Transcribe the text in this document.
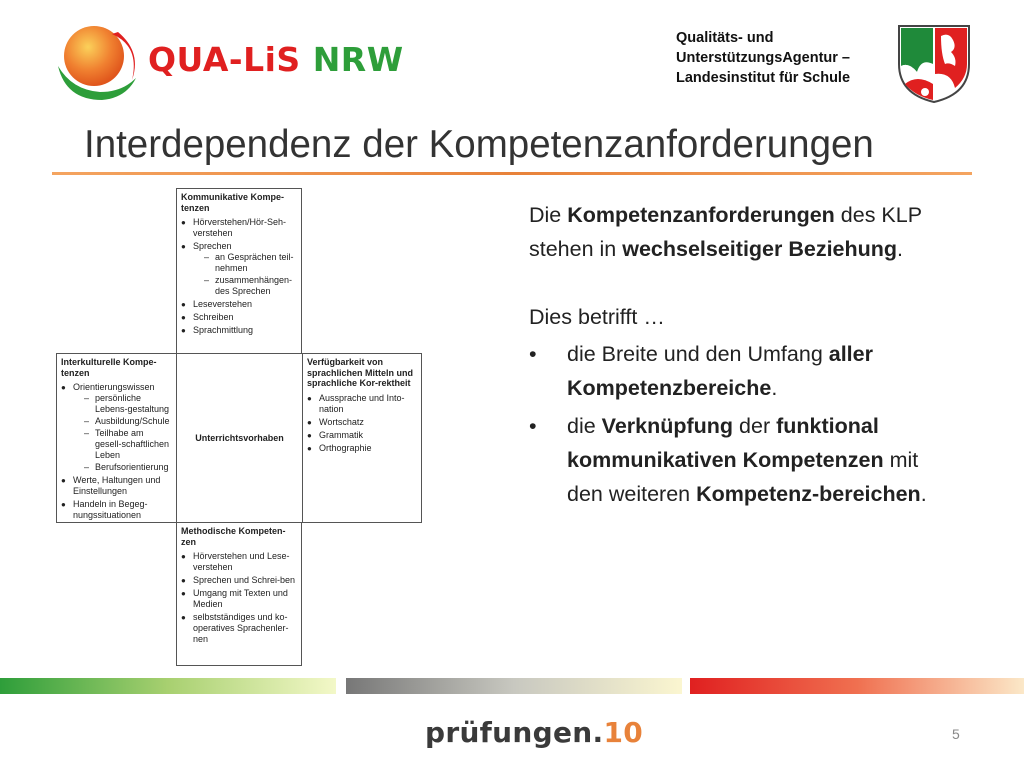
QUA-LiS NRW
Qualitäts- und
UnterstützungsAgentur –
Landesinstitut für Schule
Interdependenz der Kompetenzanforderungen
Kommunikative Kompe-tenzen
● Hörverstehen/Hör-Seh-verstehen
● Sprechen
– an Gesprächen teil-nehmen
– zusammenhängen-des Sprechen
● Leseverstehen
● Schreiben
● Sprachmittlung
Interkulturelle Kompe-tenzen
● Orientierungswissen
– persönliche Lebens-gestaltung
– Ausbildung/Schule
– Teilhabe am gesell-schaftlichen Leben
– Berufsorientierung
● Werte, Haltungen und Einstellungen
● Handeln in Begeg-nungssituationen
Unterrichtsvorhaben
Verfügbarkeit von sprachlichen Mitteln und sprachliche Kor-rektheit
● Aussprache und Into-nation
● Wortschatz
● Grammatik
● Orthographie
Methodische Kompeten-zen
● Hörverstehen und Lese-verstehen
● Sprechen und Schrei-ben
● Umgang mit Texten und Medien
● selbstständiges und ko-operatives Sprachenler-nen

Die Kompetenzanforderungen des KLP stehen in wechselseitiger Beziehung.

Dies betrifft …

• die Breite und den Umfang aller Kompetenzbereiche.
• die Verknüpfung der funktional kommunikativen Kompetenzen mit den weiteren Kompetenz-bereichen.
prüfungen.10	5
